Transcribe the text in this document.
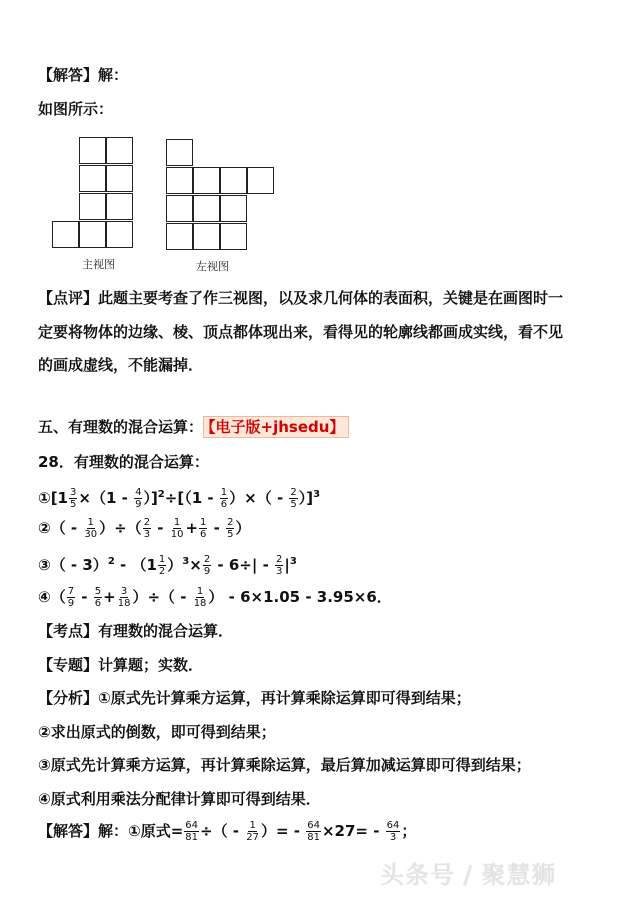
【解答】解：
如图所示：
主视图	左视图
【点评】此题主要考查了作三视图，以及求几何体的表面积，关键是在画图时一
定要将物体的边缘、棱、顶点都体现出来，看得见的轮廓线都画成实线，看不见
的画成虚线，不能漏掉．
五、有理数的混合运算： 【电子版+jhsedu】
28．有理数的混合运算：
①[1 $\frac{3}{5} \times(1 - \frac{4}{9} )]^2\div[(1 - \frac{1}{6}$ ）×（ - $\frac{2}{5} )]^3$
②（ - $\frac{1}{30}$ ）÷（ $\frac{2}{3} - \frac{1}{10} + \frac{1}{6} - \frac{2}{5}$ ）
③（ - $3)^2 - (1 \frac{1}{2} )^3\times \frac{2}{9} - 6\div| - \frac{2}{3} |^3$
④（ $\frac{7}{9} - \frac{5}{6} + \frac{3}{18}$ ）÷（ - $\frac{1}{18}$ ） - 6×1.05 - 3.95×6．
【考点】有理数的混合运算．
【专题】计算题；实数．
【分析】①原式先计算乘方运算，再计算乘除运算即可得到结果；
②求出原式的倒数，即可得到结果；
③原式先计算乘方运算，再计算乘除运算，最后算加减运算即可得到结果；
④原式利用乘法分配律计算即可得到结果．
【解答】解：①原式= $\frac{64}{81}$ ÷（ - $\frac{1}{27}$ ）= - $\frac{64}{81} \times 27= - \frac{64}{3}$ ；
头条号 / 聚慧狮
